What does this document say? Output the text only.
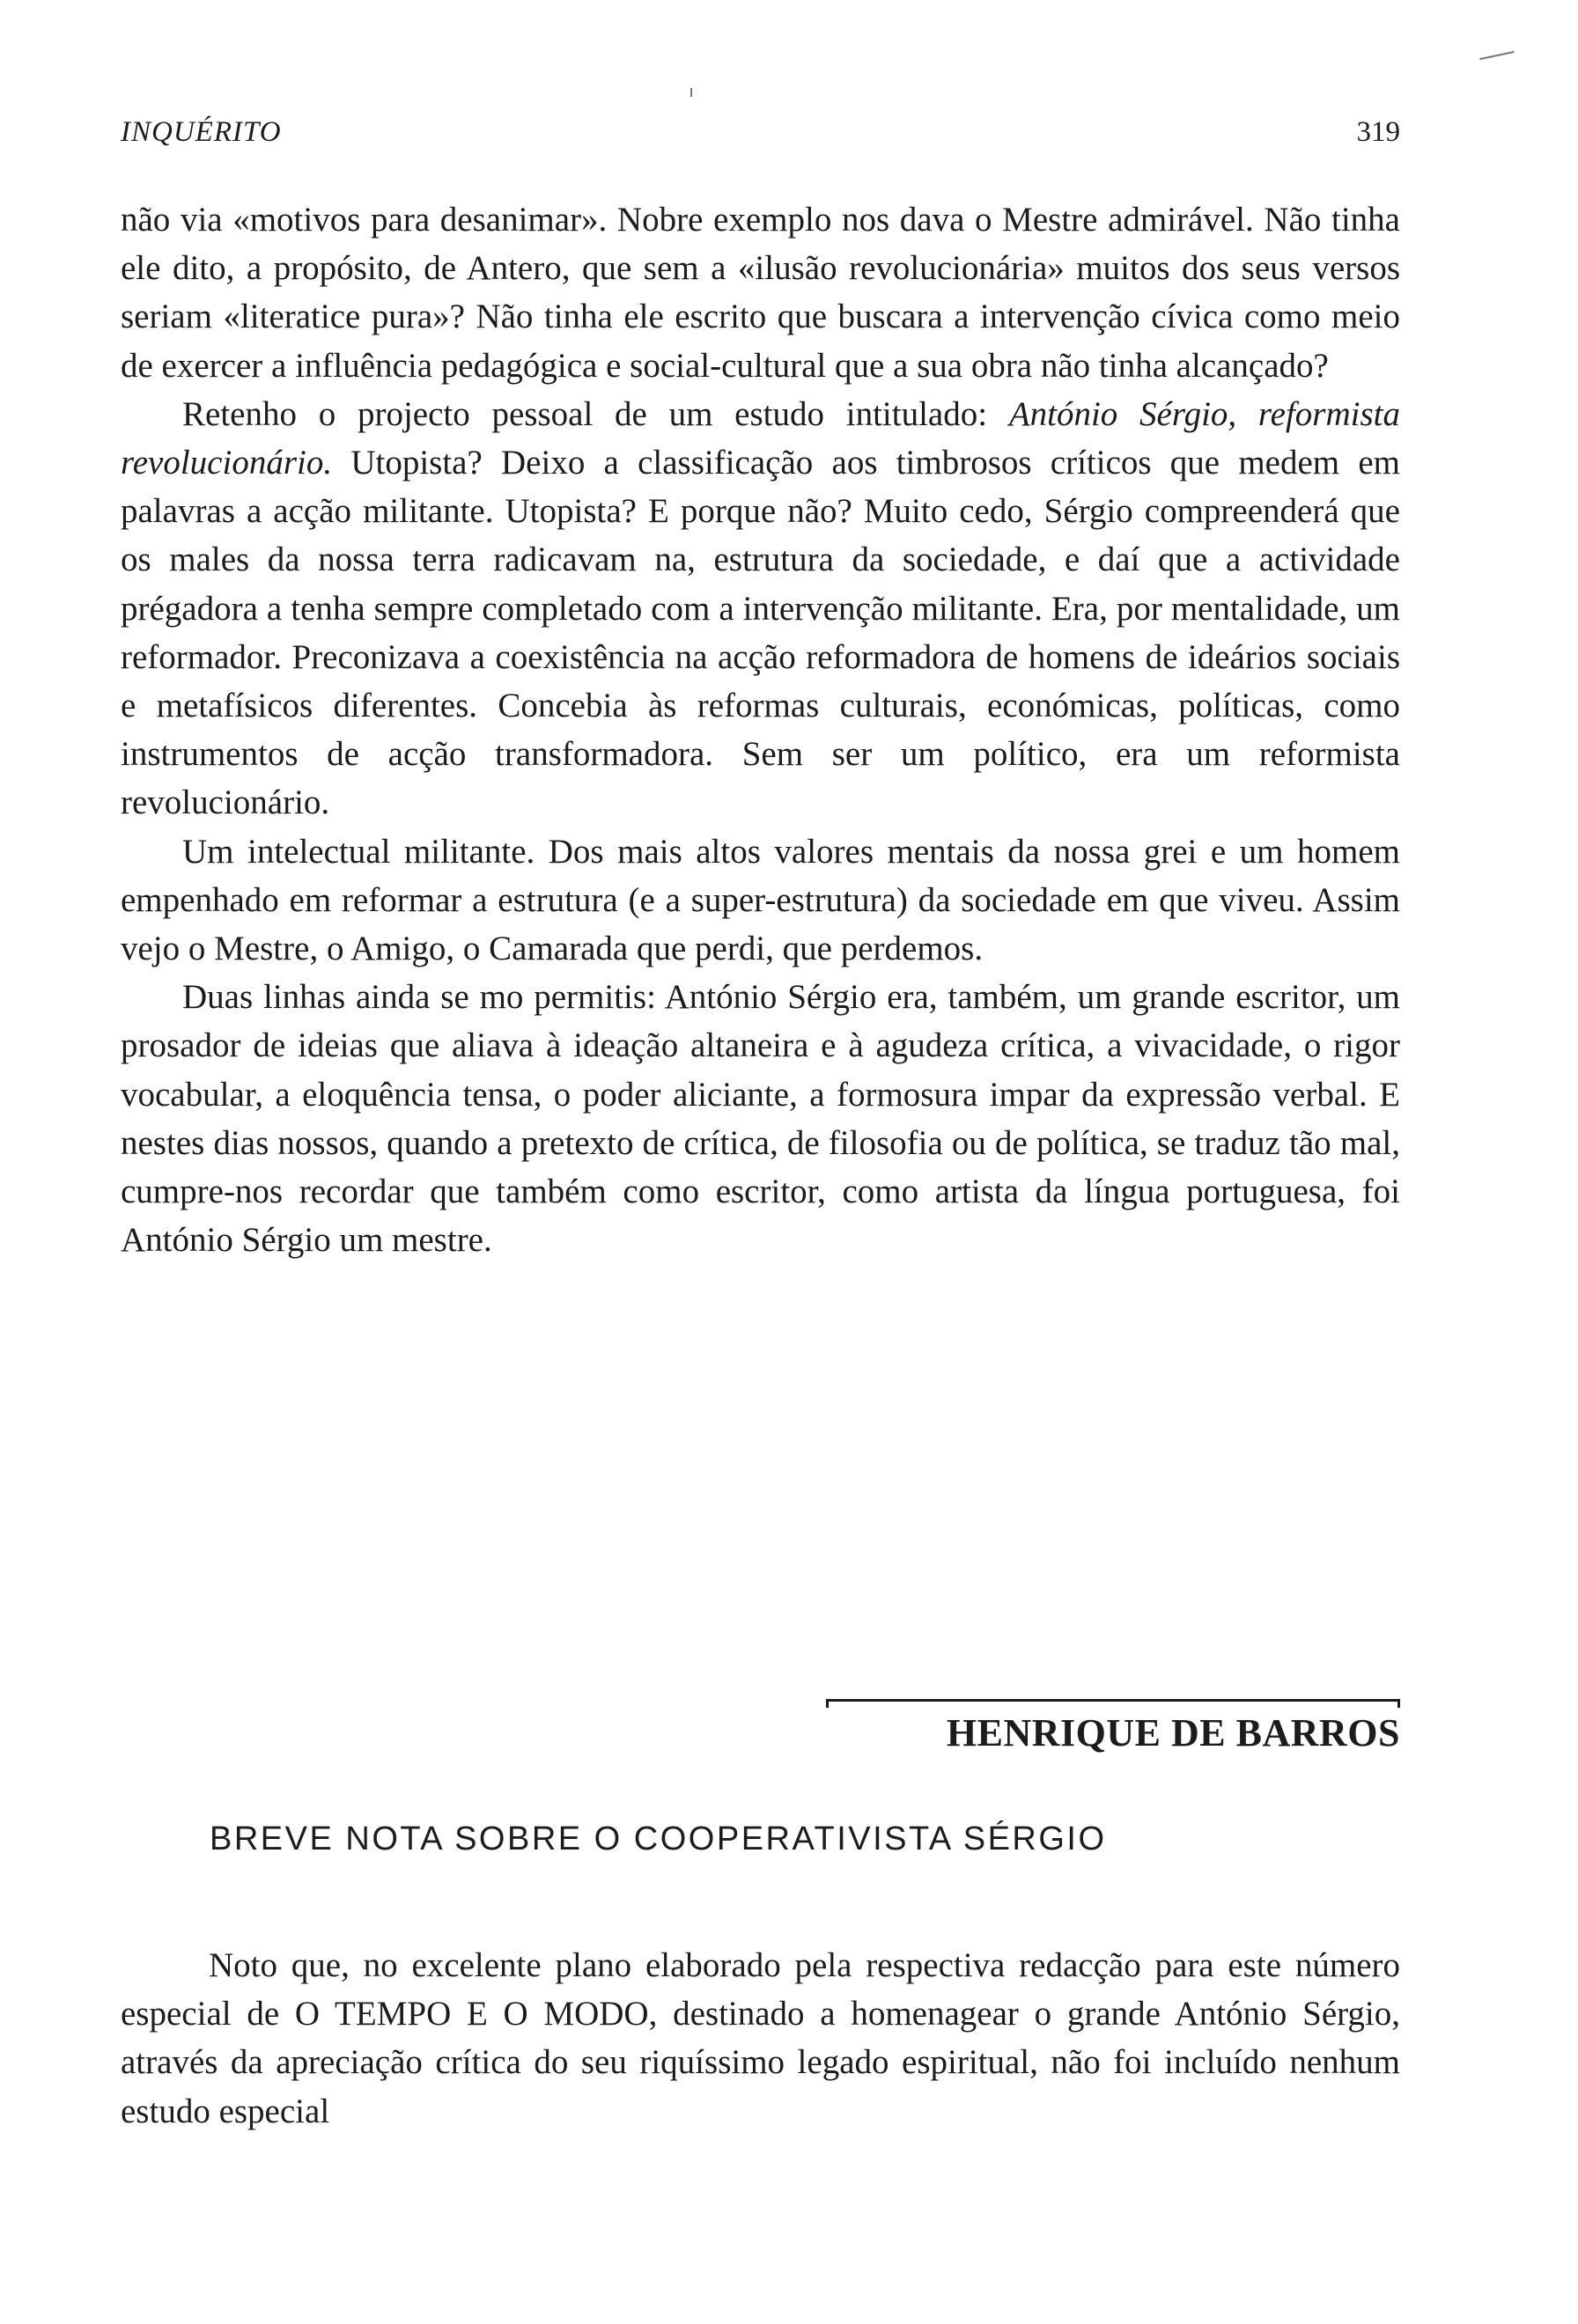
INQUÉRITO	319

não via «motivos para desanimar». Nobre exemplo nos dava o Mestre admirável. Não tinha ele dito, a propósito, de Antero, que sem a «ilusão revolucionária» muitos dos seus versos seriam «literatice pura»? Não tinha ele escrito que buscara a intervenção cívica como meio de exercer a influência pedagógica e social-cultural que a sua obra não tinha alcançado?

Retenho o projecto pessoal de um estudo intitulado: António Sérgio, reformista revolucionário. Utopista? Deixo a classificação aos timbrosos críticos que medem em palavras a acção militante. Utopista? E porque não? Muito cedo, Sérgio compreenderá que os males da nossa terra radicavam na, estrutura da sociedade, e daí que a actividade prégadora a tenha sempre completado com a intervenção militante. Era, por mentalidade, um reformador. Preconizava a coexistência na acção reformadora de homens de ideários sociais e metafísicos diferentes. Concebia às reformas culturais, económicas, políticas, como instrumentos de acção transformadora. Sem ser um político, era um reformista revolucionário.

Um intelectual militante. Dos mais altos valores mentais da nossa grei e um homem empenhado em reformar a estrutura (e a super-estrutura) da sociedade em que viveu. Assim vejo o Mestre, o Amigo, o Camarada que perdi, que perdemos.

Duas linhas ainda se mo permitis: António Sérgio era, também, um grande escritor, um prosador de ideias que aliava à ideação altaneira e à agudeza crítica, a vivacidade, o rigor vocabular, a eloquência tensa, o poder aliciante, a formosura impar da expressão verbal. E nestes dias nossos, quando a pretexto de crítica, de filosofia ou de política, se traduz tão mal, cumpre-nos recordar que também como escritor, como artista da língua portuguesa, foi António Sérgio um mestre.

HENRIQUE DE BARROS
BREVE NOTA SOBRE O COOPERATIVISTA SÉRGIO

Noto que, no excelente plano elaborado pela respectiva redacção para este número especial de O TEMPO E O MODO, destinado a homenagear o grande António Sérgio, através da apreciação crítica do seu riquíssimo legado espiritual, não foi incluído nenhum estudo especial
